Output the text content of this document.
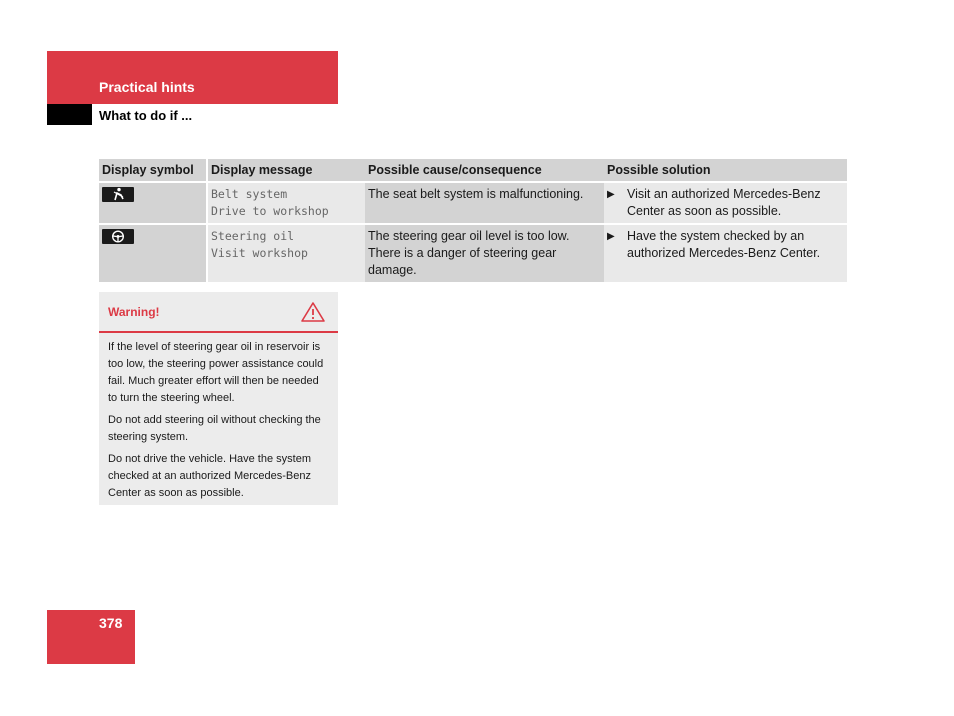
Practical hints
What to do if ...
Display symbol	Display message	Possible cause/consequence	Possible solution

Belt system
Drive to workshop	The seat belt system is malfunctioning.	▶ Visit an authorized Mercedes-Benz Center as soon as possible.

Steering oil
Visit workshop	The steering gear oil level is too low. There is a danger of steering gear damage.	▶ Have the system checked by an authorized Mercedes-Benz Center.
Warning!

If the level of steering gear oil in reservoir is too low, the steering power assistance could fail. Much greater effort will then be needed to turn the steering wheel.

Do not add steering oil without checking the steering system.

Do not drive the vehicle. Have the system checked at an authorized Mercedes-Benz Center as soon as possible.

378
